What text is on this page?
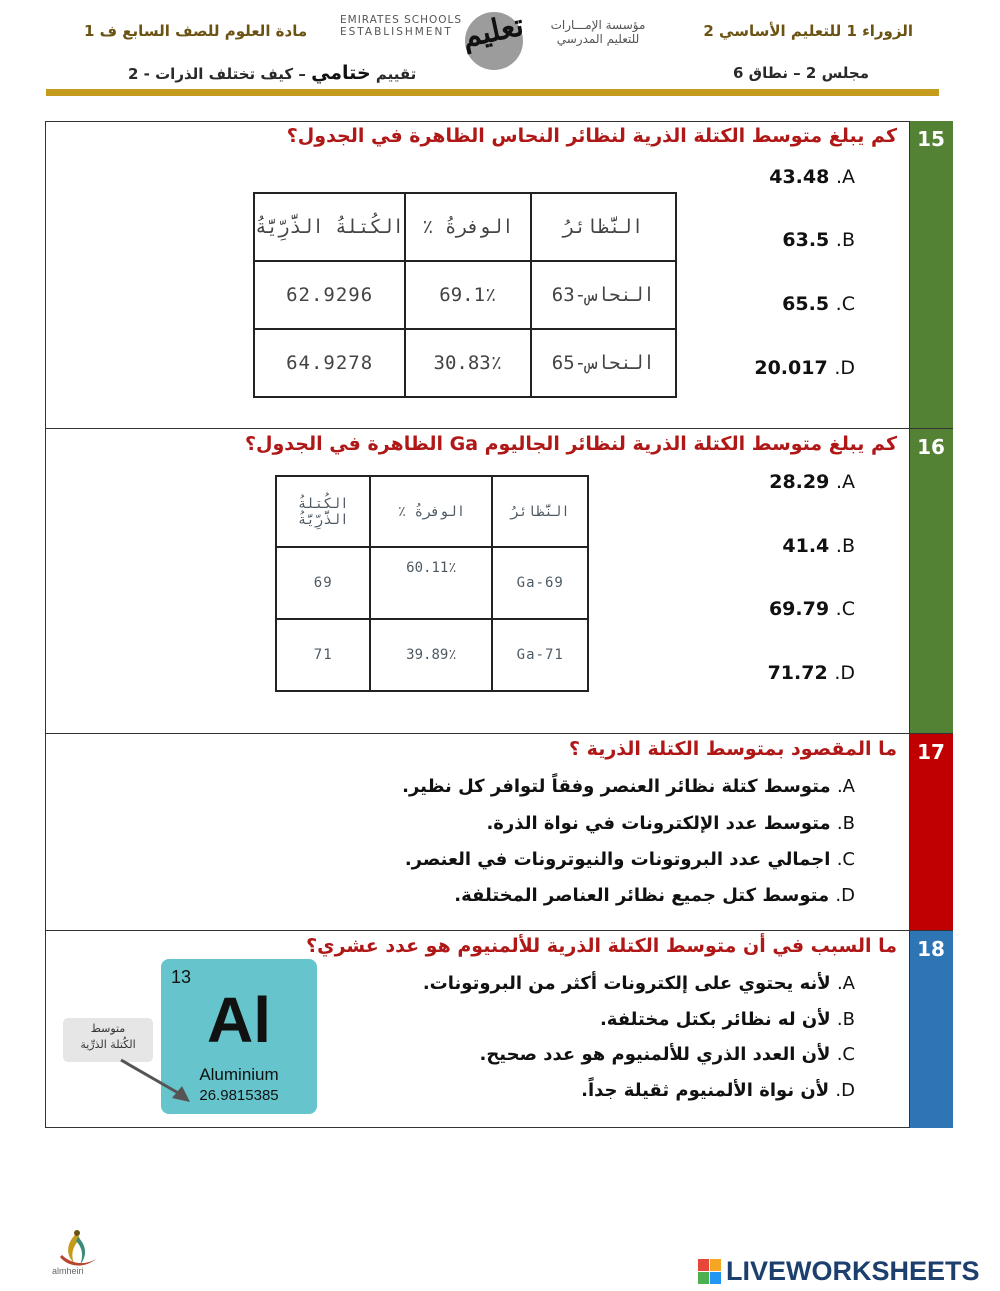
الزوراء 1 للتعليم الأساسي 2
مجلس 2 – نطاق 6
مادة العلوم للصف السابع ف 1
تقييم ختامي – كيف تختلف الذرات - 2
EMIRATES SCHOOLS
ESTABLISHMENT تعليم مؤسسة الإمـــارات
للتعليم المدرسي
15
كم يبلغ متوسط الكتلة الذرية لنظائر النحاس الظاهرة في الجدول؟
43.48 .A
63.5 .B
65.5 .C
20.017 .D
الكُتلةُ الذَّرِّيَّةُ	٪ الوفرةُ	النَّظائرُ
62.9296	69.1٪	النحاس-63
64.9278	30.83٪	النحاس-65
16
كم يبلغ متوسط الكتلة الذرية لنظائر الجاليوم Ga الظاهرة في الجدول؟
28.29 .A
41.4 .B
69.79 .C
71.72 .D
الكُتلةُ الذَّرِّيَّةُ	٪ الوفرةُ	النَّظائرُ
69	60.11٪	Ga-69
71	39.89٪	Ga-71
17
ما المقصود بمتوسط الكتلة الذرية ؟
A. متوسط كتلة نظائر العنصر وفقاً لتوافر كل نظير.
B. متوسط عدد الإلكترونات في نواة الذرة.
C. اجمالي عدد البروتونات والنيوترونات في العنصر.
D. متوسط كتل جميع نظائر العناصر المختلفة.
18
ما السبب في أن متوسط الكتلة الذرية للألمنيوم هو عدد عشري؟
A. لأنه يحتوي على إلكترونات أكثر من البروتونات.
B. لأن له نظائر بكتل مختلفة.
C. لأن العدد الذري للألمنيوم هو عدد صحيح.
D. لأن نواة الألمنيوم ثقيلة جداً.
13
Al
Aluminium
26.9815385
متوسط
الكُتلة الذرِّية
almheiri	LIVEWORKSHEETS
